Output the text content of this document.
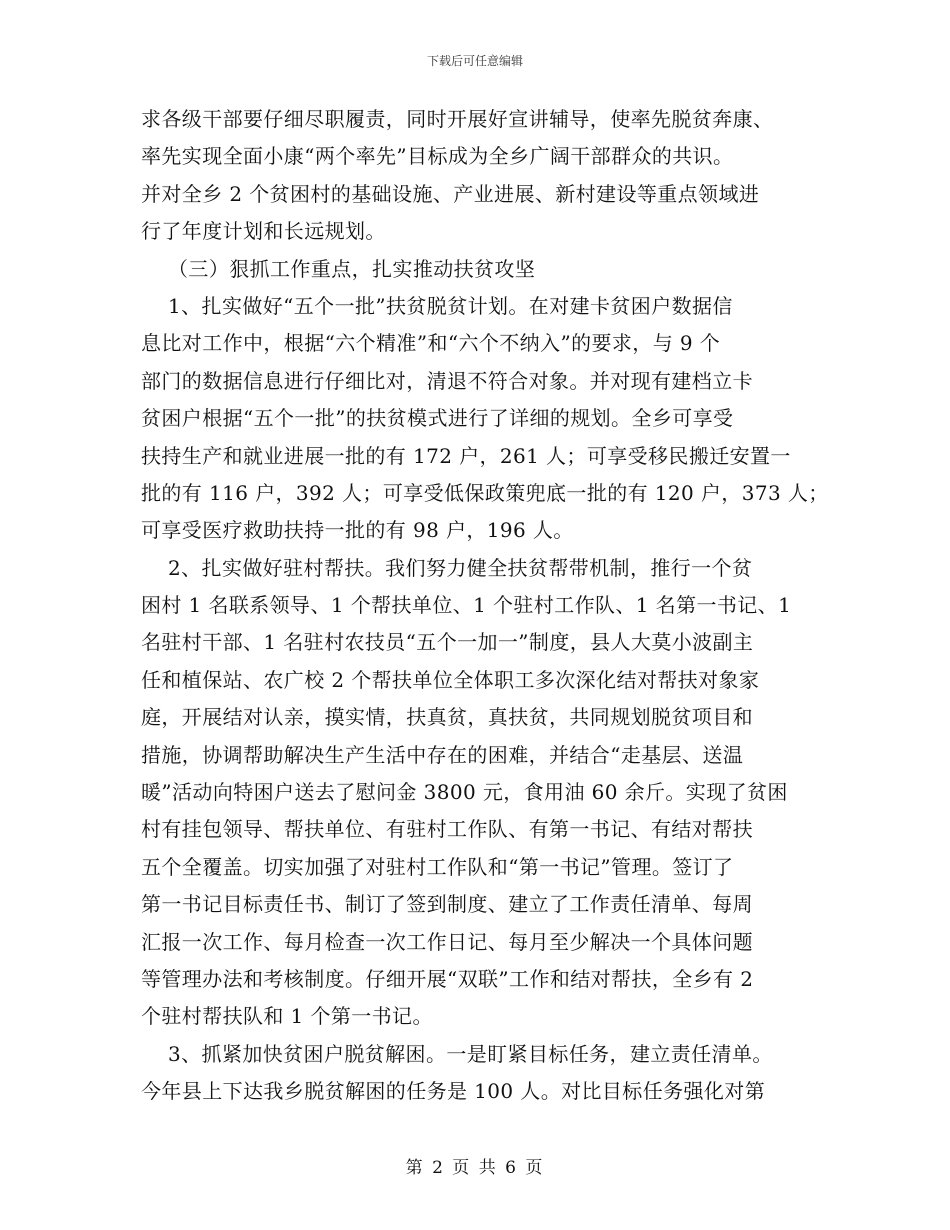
下载后可任意编辑
求各级干部要仔细尽职履责，同时开展好宣讲辅导，使率先脱贫奔康、
率先实现全面小康“两个率先”目标成为全乡广阔干部群众的共识。
并对全乡 2 个贫困村的基础设施、产业进展、新村建设等重点领域进
行了年度计划和长远规划。
（三）狠抓工作重点，扎实推动扶贫攻坚
1、扎实做好“五个一批”扶贫脱贫计划。在对建卡贫困户数据信
息比对工作中，根据“六个精准”和“六个不纳入”的要求，与 9 个
部门的数据信息进行仔细比对，清退不符合对象。并对现有建档立卡
贫困户根据“五个一批”的扶贫模式进行了详细的规划。全乡可享受
扶持生产和就业进展一批的有 172 户，261 人；可享受移民搬迁安置一
批的有 116 户，392 人；可享受低保政策兜底一批的有 120 户，373 人；
可享受医疗救助扶持一批的有 98 户，196 人。
2、扎实做好驻村帮扶。我们努力健全扶贫帮带机制，推行一个贫
困村 1 名联系领导、1 个帮扶单位、1 个驻村工作队、1 名第一书记、1
名驻村干部、1 名驻村农技员“五个一加一”制度，县人大莫小波副主
任和植保站、农广校 2 个帮扶单位全体职工多次深化结对帮扶对象家
庭，开展结对认亲，摸实情，扶真贫，真扶贫，共同规划脱贫项目和
措施，协调帮助解决生产生活中存在的困难，并结合“走基层、送温
暖”活动向特困户送去了慰问金 3800 元，食用油 60 余斤。实现了贫困
村有挂包领导、帮扶单位、有驻村工作队、有第一书记、有结对帮扶
五个全覆盖。切实加强了对驻村工作队和“第一书记”管理。签订了
第一书记目标责任书、制订了签到制度、建立了工作责任清单、每周
汇报一次工作、每月检查一次工作日记、每月至少解决一个具体问题
等管理办法和考核制度。仔细开展“双联”工作和结对帮扶，全乡有 2
个驻村帮扶队和 1 个第一书记。
3、抓紧加快贫困户脱贫解困。一是盯紧目标任务，建立责任清单。
今年县上下达我乡脱贫解困的任务是 100 人。对比目标任务强化对第
第 2 页 共 6 页
